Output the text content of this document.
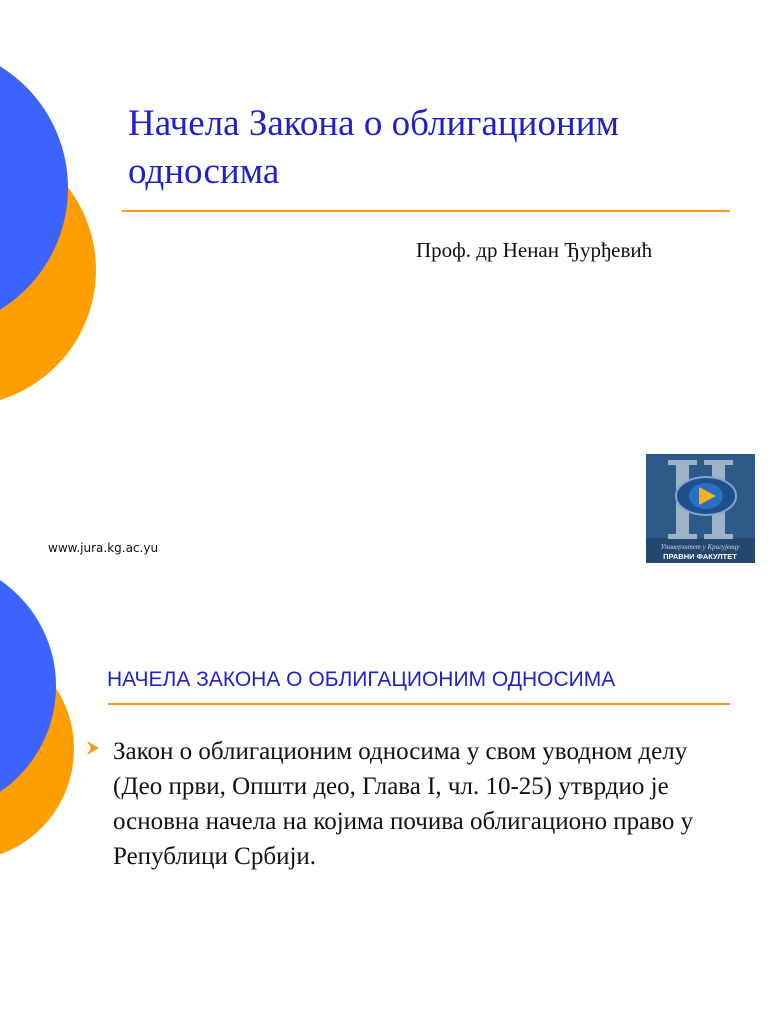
Начела Закона о облигационим односима
Проф. др Ненан Ђурђевић
www.jura.kg.ac.yu	Универзитет у Крагујевцу
ПРАВНИ ФАКУЛТЕТ
НАЧЕЛА ЗАКОНА О ОБЛИГАЦИОНИМ ОДНОСИМА
Закон о облигационим односима у свом уводном делу (Део први, Општи део, Глава I, чл. 10-25) утврдио је основна начела на којима почива облигационо право у Републици Србији.
